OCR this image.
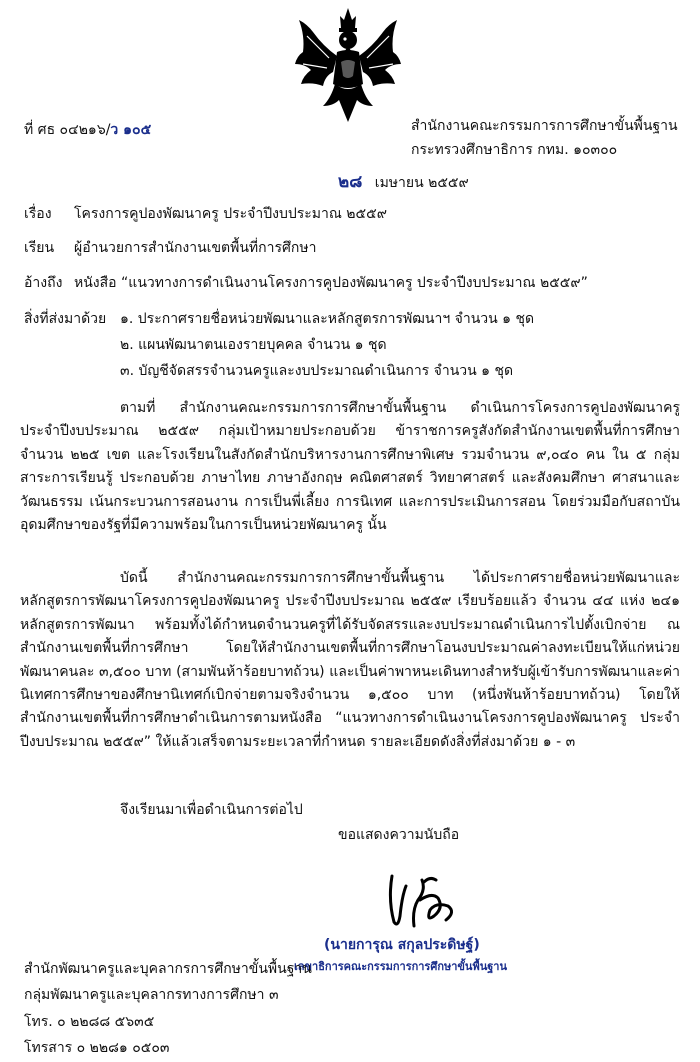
ที่ ศธ ๐๔๒๑๖/ว ๑๐๕	สำนักงานคณะกรรมการการศึกษาขั้นพื้นฐาน
กระทรวงศึกษาธิการ กทม. ๑๐๓๐๐
๒๘ เมษายน ๒๕๕๙
เรื่อง โครงการคูปองพัฒนาครู ประจำปีงบประมาณ ๒๕๕๙
เรียน ผู้อำนวยการสำนักงานเขตพื้นที่การศึกษา
อ้างถึง หนังสือ “แนวทางการดำเนินงานโครงการคูปองพัฒนาครู ประจำปีงบประมาณ ๒๕๕๙”
สิ่งที่ส่งมาด้วย ๑. ประกาศรายชื่อหน่วยพัฒนาและหลักสูตรการพัฒนาฯ จำนวน ๑ ชุด
๒. แผนพัฒนาตนเองรายบุคคล จำนวน ๑ ชุด
๓. บัญชีจัดสรรจำนวนครูและงบประมาณดำเนินการ จำนวน ๑ ชุด
ตามที่ สำนักงานคณะกรรมการการศึกษาขั้นพื้นฐาน ดำเนินการโครงการคูปองพัฒนาครู ประจำปีงบประมาณ ๒๕๕๙ กลุ่มเป้าหมายประกอบด้วย ข้าราชการครูสังกัดสำนักงานเขตพื้นที่การศึกษา จำนวน ๒๒๕ เขต และโรงเรียนในสังกัดสำนักบริหารงานการศึกษาพิเศษ รวมจำนวน ๙,๐๔๐ คน ใน ๕ กลุ่มสาระการเรียนรู้ ประกอบด้วย ภาษาไทย ภาษาอังกฤษ คณิตศาสตร์ วิทยาศาสตร์ และสังคมศึกษา ศาสนาและวัฒนธรรม เน้นกระบวนการสอนงาน การเป็นพี่เลี้ยง การนิเทศ และการประเมินการสอน โดยร่วมมือกับสถาบันอุดมศึกษาของรัฐที่มีความพร้อมในการเป็นหน่วยพัฒนาครู นั้น
บัดนี้ สำนักงานคณะกรรมการการศึกษาขั้นพื้นฐาน ได้ประกาศรายชื่อหน่วยพัฒนาและหลักสูตรการพัฒนาโครงการคูปองพัฒนาครู ประจำปีงบประมาณ ๒๕๕๙ เรียบร้อยแล้ว จำนวน ๔๔ แห่ง ๒๔๑ หลักสูตรการพัฒนา พร้อมทั้งได้กำหนดจำนวนครูที่ได้รับจัดสรรและงบประมาณดำเนินการไปตั้งเบิกจ่าย ณ สำนักงานเขตพื้นที่การศึกษา โดยให้สำนักงานเขตพื้นที่การศึกษาโอนงบประมาณค่าลงทะเบียนให้แก่หน่วยพัฒนาคนละ ๓,๕๐๐ บาท (สามพันห้าร้อยบาทถ้วน) และเป็นค่าพาหนะเดินทางสำหรับผู้เข้ารับการพัฒนาและค่านิเทศการศึกษาของศึกษานิเทศก์เบิกจ่ายตามจริงจำนวน ๑,๕๐๐ บาท (หนึ่งพันห้าร้อยบาทถ้วน) โดยให้สำนักงานเขตพื้นที่การศึกษาดำเนินการตามหนังสือ “แนวทางการดำเนินงานโครงการคูปองพัฒนาครู ประจำปีงบประมาณ ๒๕๕๙” ให้แล้วเสร็จตามระยะเวลาที่กำหนด รายละเอียดดังสิ่งที่ส่งมาด้วย ๑ - ๓
จึงเรียนมาเพื่อดำเนินการต่อไป
ขอแสดงความนับถือ
(นายการุณ สกุลประดิษฐ์)
เลขาธิการคณะกรรมการการศึกษาขั้นพื้นฐาน
สำนักพัฒนาครูและบุคลากรการศึกษาขั้นพื้นฐาน
กลุ่มพัฒนาครูและบุคลากรทางการศึกษา ๓
โทร. ๐ ๒๒๘๘ ๕๖๓๕
โทรสาร ๐ ๒๒๘๑ ๐๕๐๓
